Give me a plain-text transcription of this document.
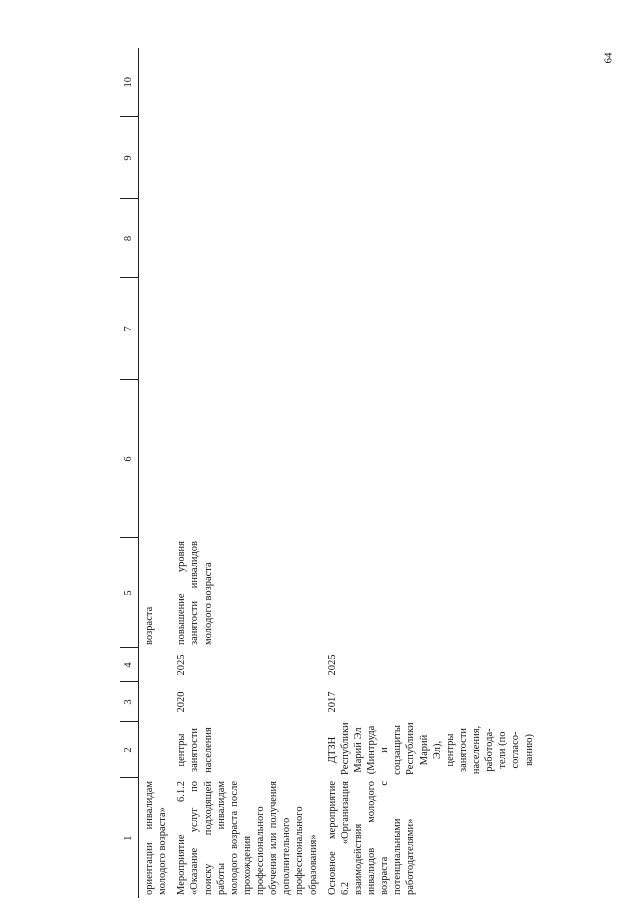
64
1	2	3	4	5	6	7	8	9	10
ориентации инвалидам молодого возраста»				возраста					
Мероприятие 6.1.2 «Оказание услуг по поиску подходящей работы инвалидам молодого возраста после прохождения профессионального обучения или получения дополнительного профессионального образования»	центры занятости населения	2020	2025	повышение уровня занятости инвалидов молодого возраста					
Основное мероприятие 6.2 «Организация взаимодействия инвалидов молодого возраста с потенциальными работодателями»	ДТЗН Республики Марий Эл (Минтруда и соцзащиты Республики Марий Эл), центры занятости населения, работода-тели (по согласо-ванию)	2017	2025						
